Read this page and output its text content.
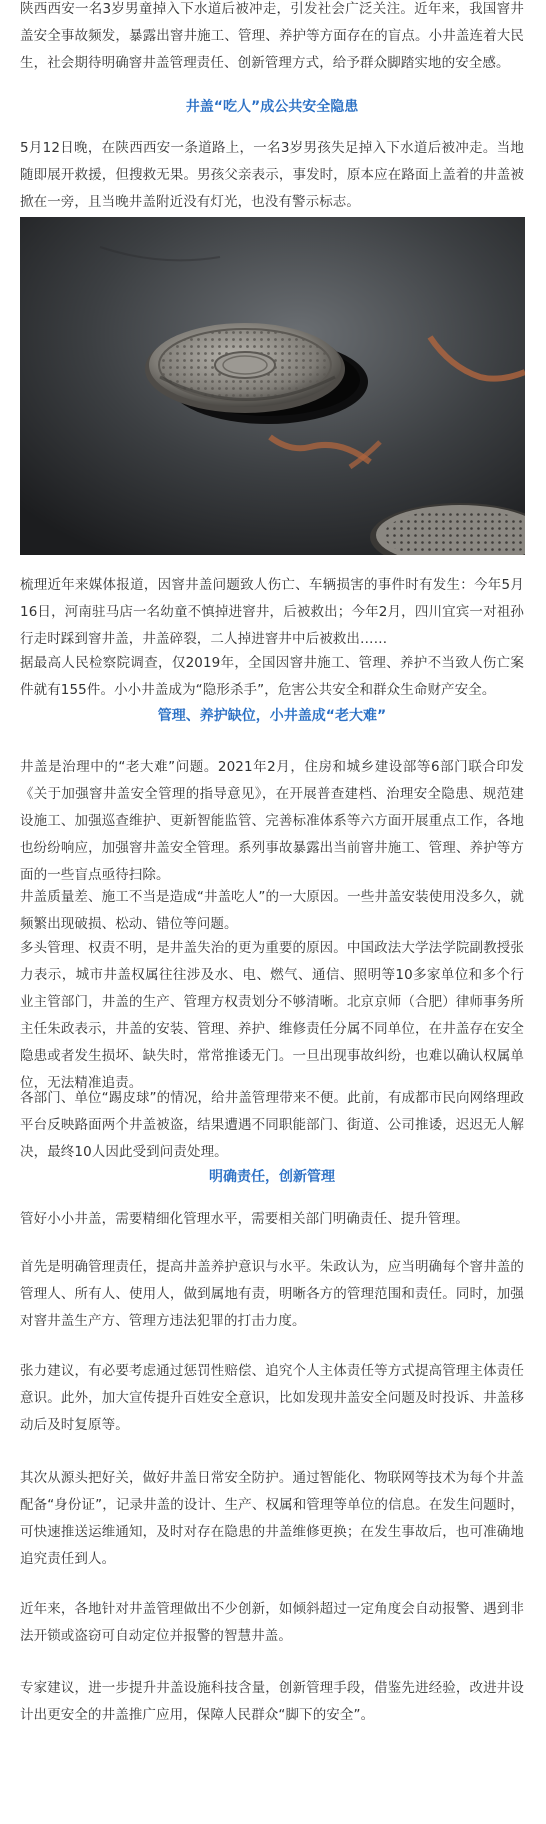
陕西西安一名3岁男童掉入下水道后被冲走，引发社会广泛关注。近年来，我国窨井盖安全事故频发，暴露出窨井施工、管理、养护等方面存在的盲点。小井盖连着大民生，社会期待明确窨井盖管理责任、创新管理方式，给予群众脚踏实地的安全感。

井盖“吃人”成公共安全隐患

5月12日晚，在陕西西安一条道路上，一名3岁男孩失足掉入下水道后被冲走。当地随即展开救援，但搜救无果。男孩父亲表示，事发时，原本应在路面上盖着的井盖被掀在一旁，且当晚井盖附近没有灯光，也没有警示标志。

梳理近年来媒体报道，因窨井盖问题致人伤亡、车辆损害的事件时有发生：今年5月16日，河南驻马店一名幼童不慎掉进窨井，后被救出；今年2月，四川宜宾一对祖孙行走时踩到窨井盖，井盖碎裂，二人掉进窨井中后被救出……

据最高人民检察院调查，仅2019年，全国因窨井施工、管理、养护不当致人伤亡案件就有155件。小小井盖成为“隐形杀手”，危害公共安全和群众生命财产安全。

管理、养护缺位，小井盖成“老大难”

井盖是治理中的“老大难”问题。2021年2月，住房和城乡建设部等6部门联合印发《关于加强窨井盖安全管理的指导意见》，在开展普查建档、治理安全隐患、规范建设施工、加强巡查维护、更新智能监管、完善标准体系等六方面开展重点工作，各地也纷纷响应，加强窨井盖安全管理。系列事故暴露出当前窨井施工、管理、养护等方面的一些盲点亟待扫除。

井盖质量差、施工不当是造成“井盖吃人”的一大原因。一些井盖安装使用没多久，就频繁出现破损、松动、错位等问题。

多头管理、权责不明，是井盖失治的更为重要的原因。中国政法大学法学院副教授张力表示，城市井盖权属往往涉及水、电、燃气、通信、照明等10多家单位和多个行业主管部门，井盖的生产、管理方权责划分不够清晰。北京京师（合肥）律师事务所主任朱政表示，井盖的安装、管理、养护、维修责任分属不同单位，在井盖存在安全隐患或者发生损坏、缺失时，常常推诿无门。一旦出现事故纠纷，也难以确认权属单位，无法精准追责。

各部门、单位“踢皮球”的情况，给井盖管理带来不便。此前，有成都市民向网络理政平台反映路面两个井盖被盗，结果遭遇不同职能部门、街道、公司推诿，迟迟无人解决，最终10人因此受到问责处理。

明确责任，创新管理

管好小小井盖，需要精细化管理水平，需要相关部门明确责任、提升管理。

首先是明确管理责任，提高井盖养护意识与水平。朱政认为，应当明确每个窨井盖的管理人、所有人、使用人，做到属地有责，明晰各方的管理范围和责任。同时，加强对窨井盖生产方、管理方违法犯罪的打击力度。

张力建议，有必要考虑通过惩罚性赔偿、追究个人主体责任等方式提高管理主体责任意识。此外，加大宣传提升百姓安全意识，比如发现井盖安全问题及时投诉、井盖移动后及时复原等。

其次从源头把好关，做好井盖日常安全防护。通过智能化、物联网等技术为每个井盖配备“身份证”，记录井盖的设计、生产、权属和管理等单位的信息。在发生问题时，可快速推送运维通知，及时对存在隐患的井盖维修更换；在发生事故后，也可准确地追究责任到人。

近年来，各地针对井盖管理做出不少创新，如倾斜超过一定角度会自动报警、遇到非法开锁或盗窃可自动定位并报警的智慧井盖。

专家建议，进一步提升井盖设施科技含量，创新管理手段，借鉴先进经验，改进井设计出更安全的井盖推广应用，保障人民群众“脚下的安全”。
